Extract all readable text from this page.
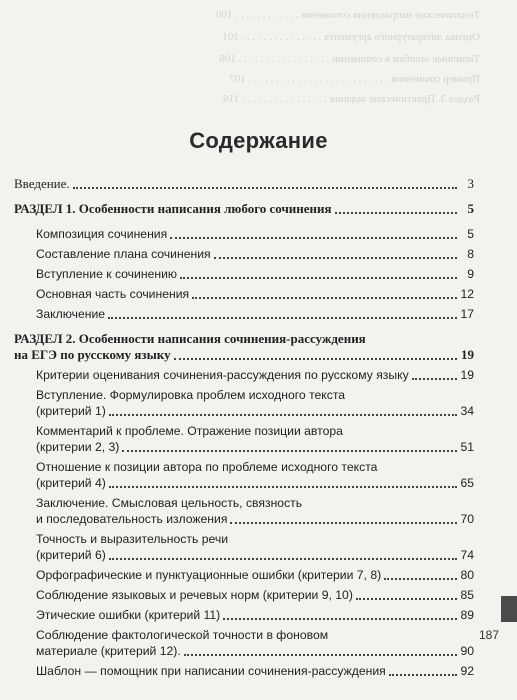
Тематические направления сочинения . . . . . . . . . . . . 100
Оценка литературного аргумента . . . . . . . . . . . . . . . 101
Типичные ошибки в сочинении . . . . . . . . . . . . . . . . . 106
Пример сочинения . . . . . . . . . . . . . . . . . . . . . . . . . . 107
Раздел 3. Практические задания . . . . . . . . . . . . . . . . 116
Содержание
Введение.	3
РАЗДЕЛ 1. Особенности написания любого сочинения	5
Композиция сочинения	5
Составление плана сочинения	8
Вступление к сочинению	9
Основная часть сочинения	12
Заключение	17
РАЗДЕЛ 2. Особенности написания сочинения-рассуждения
на ЕГЭ по русскому языку	19
Критерии оценивания сочинения-рассуждения по русскому языку	19
Вступление. Формулировка проблем исходного текста
(критерий 1)	34
Комментарий к проблеме. Отражение позиции автора
(критерии 2, 3)	51
Отношение к позиции автора по проблеме исходного текста
(критерий 4)	65
Заключение. Смысловая цельность, связность
и последовательность изложения	70
Точность и выразительность речи
(критерий 6)	74
Орфографические и пунктуационные ошибки (критерии 7, 8)	80
Соблюдение языковых и речевых норм (критерии 9, 10)	85
Этические ошибки (критерий 11)	89
Соблюдение фактологической точности в фоновом
материале (критерий 12).	90
Шаблон — помощник при написании сочинения-рассуждения	92
187
